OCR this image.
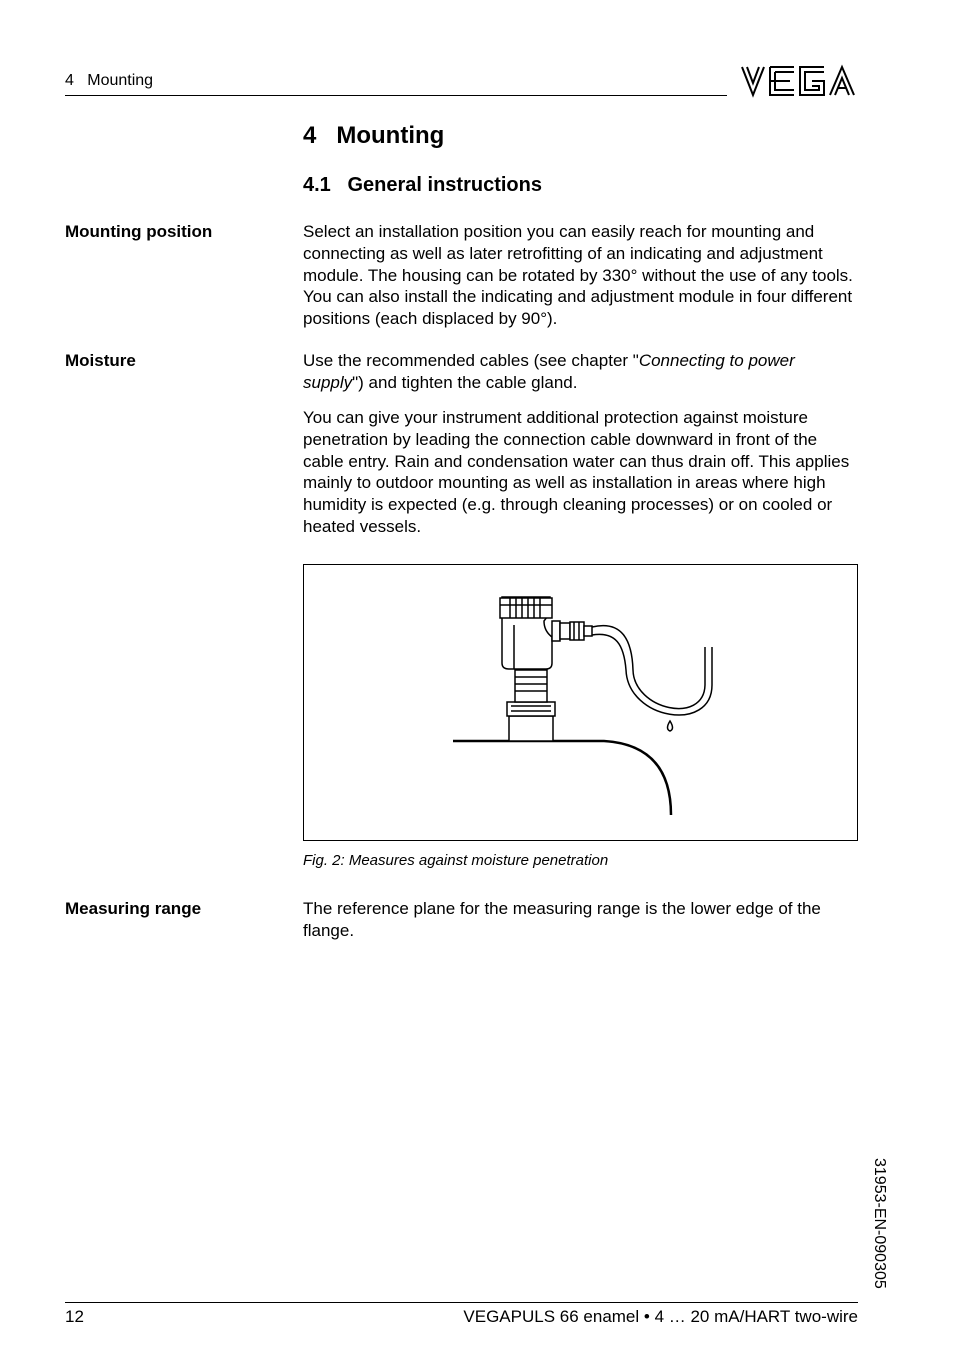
4   Mounting
4   Mounting
4.1   General instructions
Mounting position	Select an installation position you can easily reach for mounting and connecting as well as later retrofitting of an indicating and adjustment module. The housing can be rotated by 330° without the use of any tools. You can also install the indicating and adjustment module in four different positions (each displaced by 90°).
Moisture	Use the recommended cables (see chapter "Connecting to power supply") and tighten the cable gland.
You can give your instrument additional protection against moisture penetration by leading the connection cable downward in front of the cable entry. Rain and condensation water can thus drain off. This applies mainly to outdoor mounting as well as installation in areas where high humidity is expected (e.g. through cleaning processes) or on cooled or heated vessels.
Fig. 2: Measures against moisture penetration
Measuring range	The reference plane for the measuring range is the lower edge of the flange.
31953-EN-090305
12	VEGAPULS 66 enamel • 4 … 20 mA/HART two-wire
